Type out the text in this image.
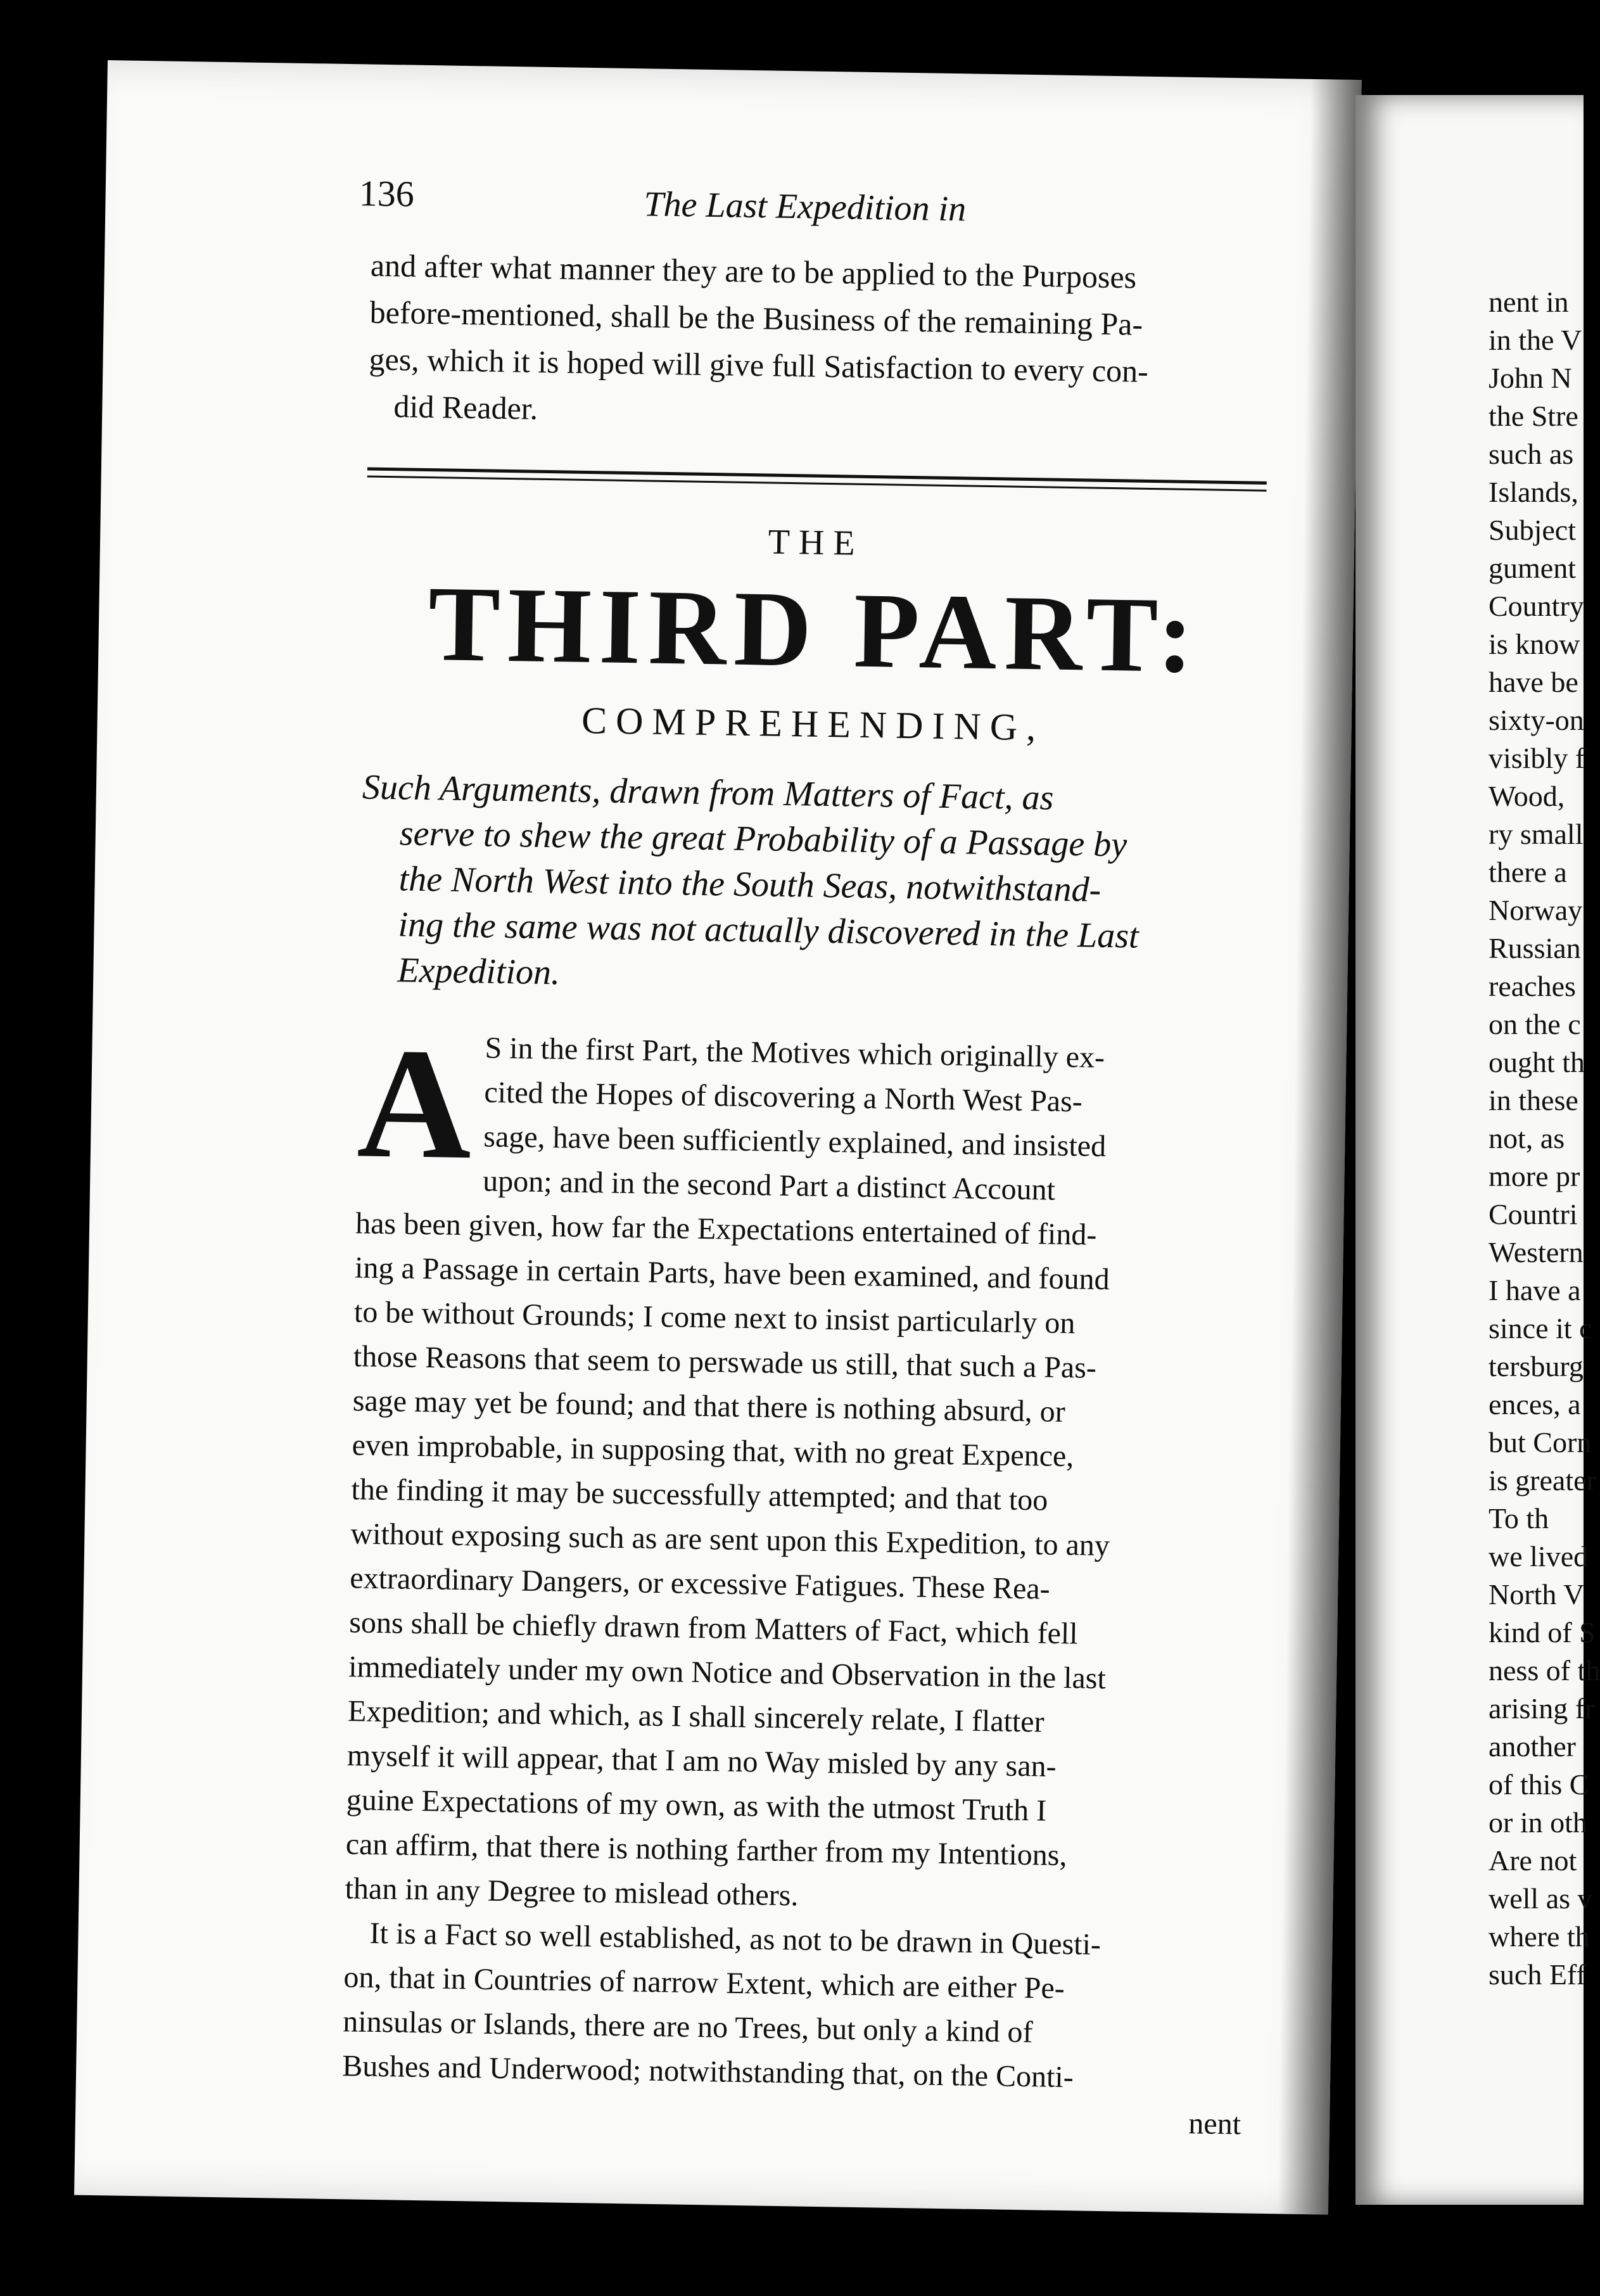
136	The Last Expedition in
and after what manner they are to be applied to the Purposes
before-mentioned, shall be the Business of the remaining Pa-
ges, which it is hoped will give full Satisfaction to every con-
did Reader.
THE
THIRD PART:
COMPREHENDING,
Such Arguments, drawn from Matters of Fact, as
serve to shew the great Probability of a Passage by
the North West into the South Seas, notwithstand-
ing the same was not actually discovered in the Last
Expedition.
A S in the first Part, the Motives which originally ex-
cited the Hopes of discovering a North West Pas-
sage, have been sufficiently explained, and insisted
upon; and in the second Part a distinct Account
has been given, how far the Expectations entertained of find-
ing a Passage in certain Parts, have been examined, and found
to be without Grounds; I come next to insist particularly on
those Reasons that seem to perswade us still, that such a Pas-
sage may yet be found; and that there is nothing absurd, or
even improbable, in supposing that, with no great Expence,
the finding it may be successfully attempted; and that too
without exposing such as are sent upon this Expedition, to any
extraordinary Dangers, or excessive Fatigues. These Rea-
sons shall be chiefly drawn from Matters of Fact, which fell
immediately under my own Notice and Observation in the last
Expedition; and which, as I shall sincerely relate, I flatter
myself it will appear, that I am no Way misled by any san-
guine Expectations of my own, as with the utmost Truth I
can affirm, that there is nothing farther from my Intentions,
than in any Degree to mislead others.
It is a Fact so well established, as not to be drawn in Questi-
on, that in Countries of narrow Extent, which are either Pe-
ninsulas or Islands, there are no Trees, but only a kind of
Bushes and Underwood; notwithstanding that, on the Conti-
nent
nent in
in the V
John N
the Stre
such as
Islands,
Subject
gument
Country
is know
have be
sixty-on
visibly f
Wood,
ry small
there a
Norway
Russian
reaches
on the c
ought th
in these
not, as
more pr
Countri
Western
I have a
since it c
tersburg
ences, a
but Corn
is greater
To th
we lived
North V
kind of S
ness of th
arising fr
another
of this C
or in oth
Are not
well as v
where th
such Eff
